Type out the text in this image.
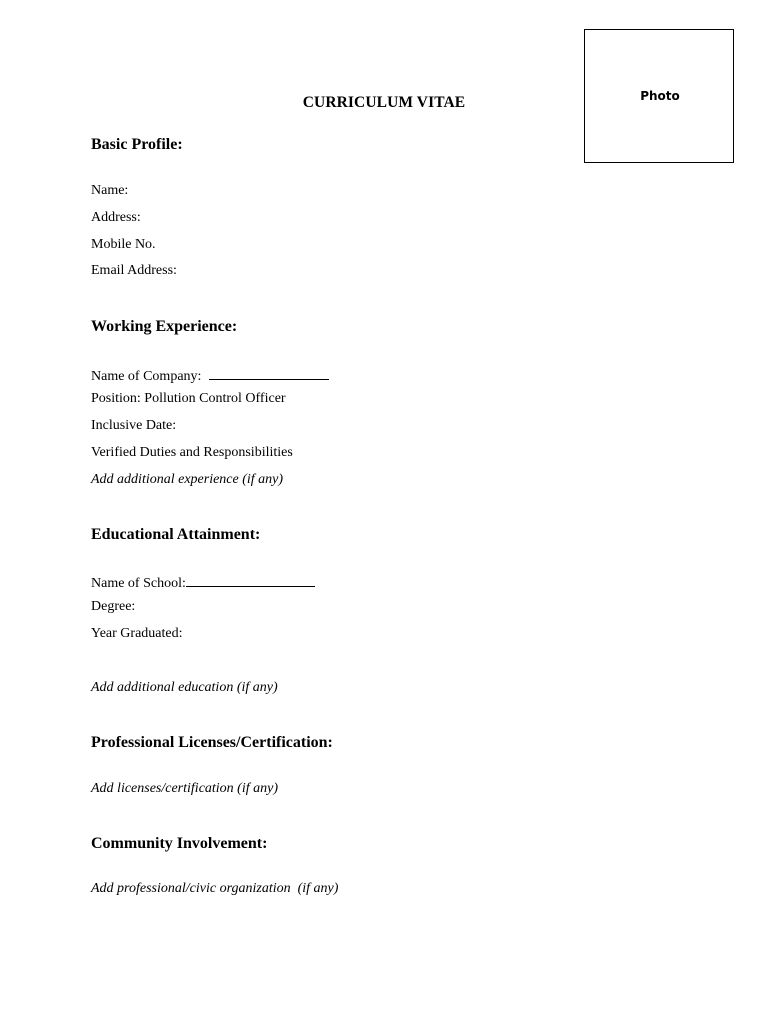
Photo
CURRICULUM VITAE
Basic Profile:
Name:
Address:
Mobile No.
Email Address:
Working Experience:
Name of Company:
Position: Pollution Control Officer
Inclusive Date:
Verified Duties and Responsibilities
Add additional experience (if any)
Educational Attainment:
Name of School:
Degree:
Year Graduated:
Add additional education (if any)
Professional Licenses/Certification:
Add licenses/certification (if any)
Community Involvement:
Add professional/civic organization  (if any)
